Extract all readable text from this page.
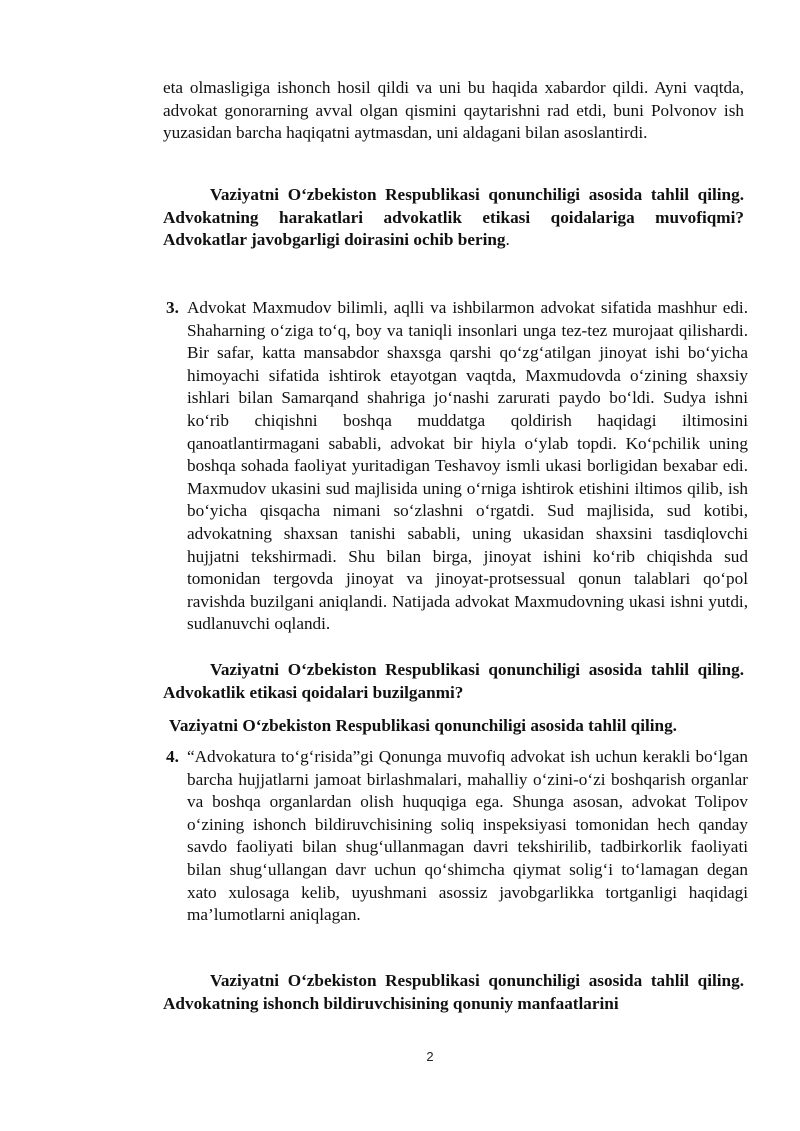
eta olmasligiga ishonch hosil qildi va uni bu haqida xabardor qildi. Ayni vaqtda, advokat gonorarning avval olgan qismini qaytarishni rad etdi, buni Polvonov ish yuzasidan barcha haqiqatni aytmasdan, uni aldagani bilan asoslantirdi.

Vaziyatni O‘zbekiston Respublikasi qonunchiligi asosida tahlil qiling. Advokatning harakatlari advokatlik etikasi qoidalariga muvofiqmi? Advokatlar javobgarligi doirasini ochib bering.

3. Advokat Maxmudov bilimli, aqlli va ishbilarmon advokat sifatida mashhur edi. Shaharning o‘ziga to‘q, boy va taniqli insonlari unga tez-tez murojaat qilishardi. Bir safar, katta mansabdor shaxsga qarshi qo‘zg‘atilgan jinoyat ishi bo‘yicha himoyachi sifatida ishtirok etayotgan vaqtda, Maxmudovda o‘zining shaxsiy ishlari bilan Samarqand shahriga jo‘nashi zarurati paydo bo‘ldi. Sudya ishni ko‘rib chiqishni boshqa muddatga qoldirish haqidagi iltimosini qanoatlantirmagani sababli, advokat bir hiyla o‘ylab topdi. Ko‘pchilik uning boshqa sohada faoliyat yuritadigan Teshavoy ismli ukasi borligidan bexabar edi. Maxmudov ukasini sud majlisida uning o‘rniga ishtirok etishini iltimos qilib, ish bo‘yicha qisqacha nimani so‘zlashni o‘rgatdi. Sud majlisida, sud kotibi, advokatning shaxsan tanishi sababli, uning ukasidan shaxsini tasdiqlovchi hujjatni tekshirmadi. Shu bilan birga, jinoyat ishini ko‘rib chiqishda sud tomonidan tergovda jinoyat va jinoyat-protsessual qonun talablari qo‘pol ravishda buzilgani aniqlandi. Natijada advokat Maxmudovning ukasi ishni yutdi, sudlanuvchi oqlandi.

Vaziyatni O‘zbekiston Respublikasi qonunchiligi asosida tahlil qiling. Advokatlik etikasi qoidalari buzilganmi?

Vaziyatni O‘zbekiston Respublikasi qonunchiligi asosida tahlil qiling.

4. “Advokatura to‘g‘risida”gi Qonunga muvofiq advokat ish uchun kerakli bo‘lgan barcha hujjatlarni jamoat birlashmalari, mahalliy o‘zini-o‘zi boshqarish organlar va boshqa organlardan olish huquqiga ega. Shunga asosan, advokat Tolipov o‘zining ishonch bildiruvchisining soliq inspeksiyasi tomonidan hech qanday savdo faoliyati bilan shug‘ullanmagan davri tekshirilib, tadbirkorlik faoliyati bilan shug‘ullangan davr uchun qo‘shimcha qiymat solig‘i to‘lamagan degan xato xulosaga kelib, uyushmani asossiz javobgarlikka tortganligi haqidagi ma’lumotlarni aniqlagan.

Vaziyatni O‘zbekiston Respublikasi qonunchiligi asosida tahlil qiling. Advokatning ishonch bildiruvchisining qonuniy manfaatlarini

2
